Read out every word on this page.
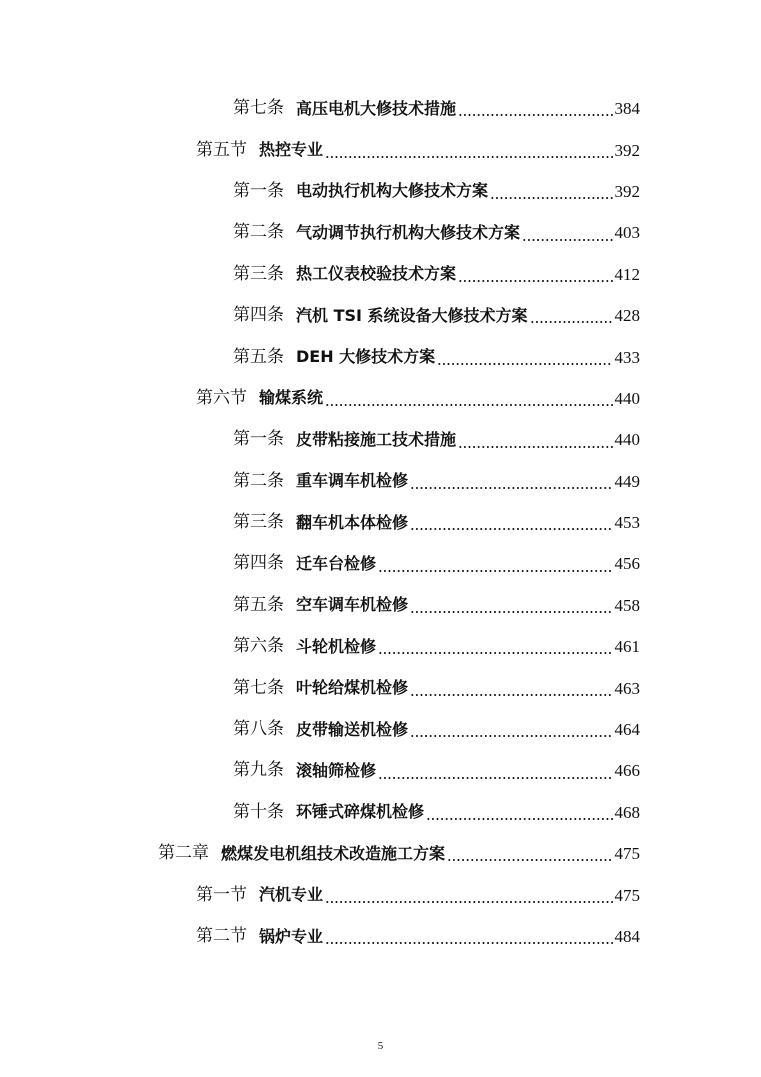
第七条 高压电机大修技术措施	384
第五节 热控专业	392
第一条 电动执行机构大修技术方案	392
第二条 气动调节执行机构大修技术方案	403
第三条 热工仪表校验技术方案	412
第四条 汽机 TSI 系统设备大修技术方案	428
第五条 DEH 大修技术方案	433
第六节 输煤系统	440
第一条 皮带粘接施工技术措施	440
第二条 重车调车机检修	449
第三条 翻车机本体检修	453
第四条 迁车台检修	456
第五条 空车调车机检修	458
第六条 斗轮机检修	461
第七条 叶轮给煤机检修	463
第八条 皮带输送机检修	464
第九条 滚轴筛检修	466
第十条 环锤式碎煤机检修	468
第二章 燃煤发电机组技术改造施工方案	475
第一节 汽机专业	475
第二节 锅炉专业	484
5
